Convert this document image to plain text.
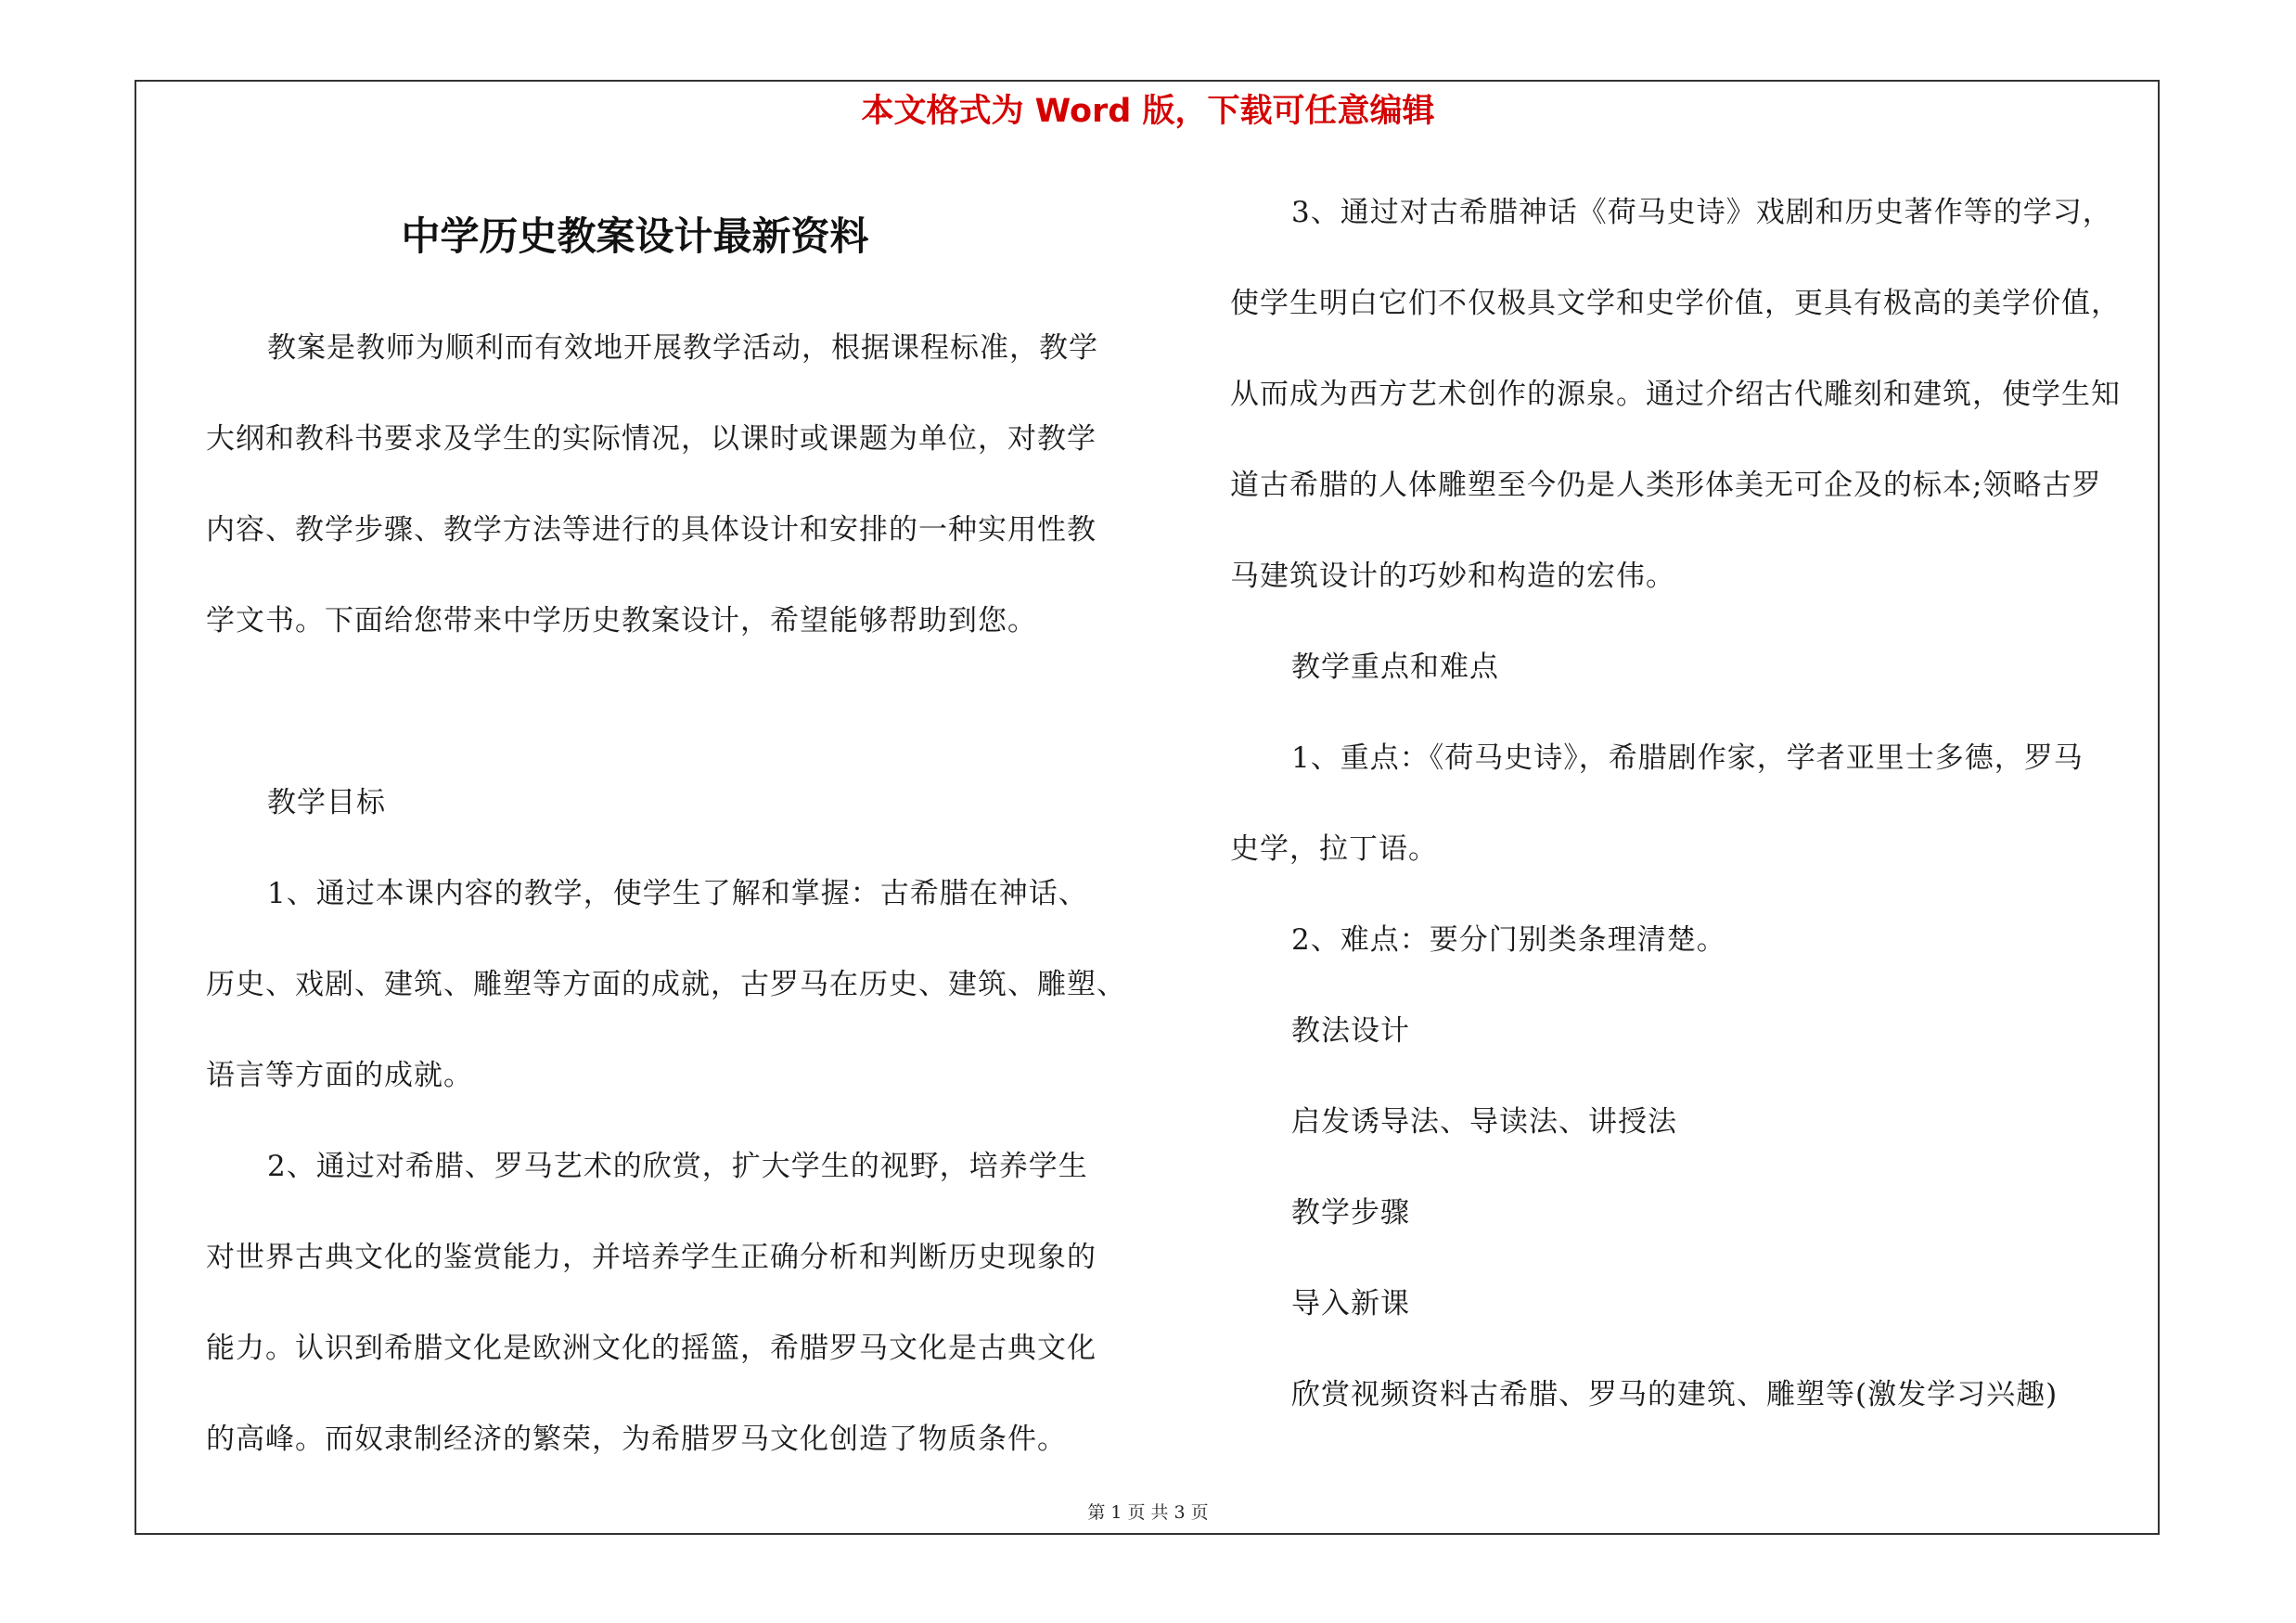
本文格式为 Word 版，下载可任意编辑
中学历史教案设计最新资料

教案是教师为顺利而有效地开展教学活动，根据课程标准，教学

大纲和教科书要求及学生的实际情况，以课时或课题为单位，对教学

内容、教学步骤、教学方法等进行的具体设计和安排的一种实用性教

学文书。下面给您带来中学历史教案设计，希望能够帮助到您。

教学目标

1、通过本课内容的教学，使学生了解和掌握：古希腊在神话、

历史、戏剧、建筑、雕塑等方面的成就，古罗马在历史、建筑、雕塑、

语言等方面的成就。

2、通过对希腊、罗马艺术的欣赏，扩大学生的视野，培养学生

对世界古典文化的鉴赏能力，并培养学生正确分析和判断历史现象的

能力。认识到希腊文化是欧洲文化的摇篮，希腊罗马文化是古典文化

的高峰。而奴隶制经济的繁荣，为希腊罗马文化创造了物质条件。

3、通过对古希腊神话《荷马史诗》戏剧和历史著作等的学习，

使学生明白它们不仅极具文学和史学价值，更具有极高的美学价值，

从而成为西方艺术创作的源泉。通过介绍古代雕刻和建筑，使学生知

道古希腊的人体雕塑至今仍是人类形体美无可企及的标本;领略古罗

马建筑设计的巧妙和构造的宏伟。

教学重点和难点

1、重点：《荷马史诗》，希腊剧作家，学者亚里士多德，罗马

史学，拉丁语。

2、难点：要分门别类条理清楚。

教法设计

启发诱导法、导读法、讲授法

教学步骤

导入新课

欣赏视频资料古希腊、罗马的建筑、雕塑等(激发学习兴趣)

第 1 页 共 3 页
